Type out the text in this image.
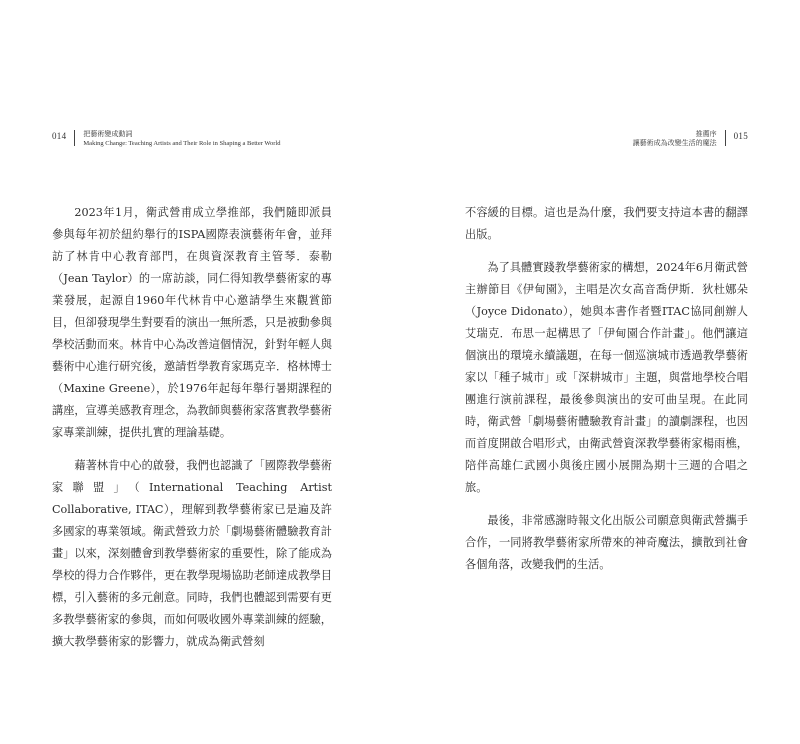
014 把藝術變成動詞
Making Change: Teaching Artists and Their Role in Shaping a Better World

2023年1月，衛武營甫成立學推部，我們隨即派員參與每年初於紐約舉行的ISPA國際表演藝術年會，並拜訪了林肯中心教育部門，在與資深教育主管琴．泰勒（Jean Taylor）的一席訪談，同仁得知教學藝術家的專業發展，起源自1960年代林肯中心邀請學生來觀賞節目，但卻發現學生對要看的演出一無所悉，只是被動參與學校活動而來。林肯中心為改善這個情況，針對年輕人與藝術中心進行研究後，邀請哲學教育家瑪克辛．格林博士（Maxine Greene），於1976年起每年舉行暑期課程的講座，宣導美感教育理念，為教師與藝術家落實教學藝術家專業訓練，提供扎實的理論基礎。

藉著林肯中心的啟發，我們也認識了「國際教學藝術家聯盟」（International Teaching Artist Collaborative, ITAC），理解到教學藝術家已是遍及許多國家的專業領域。衛武營致力於「劇場藝術體驗教育計畫」以來，深刻體會到教學藝術家的重要性，除了能成為學校的得力合作夥伴，更在教學現場協助老師達成教學目標，引入藝術的多元創意。同時，我們也體認到需要有更多教學藝術家的參與，而如何吸收國外專業訓練的經驗，擴大教學藝術家的影響力，就成為衛武營刻

推薦序
讓藝術成為改變生活的魔法
015

不容緩的目標。這也是為什麼，我們要支持這本書的翻譯出版。

為了具體實踐教學藝術家的構想，2024年6月衛武營主辦節目《伊甸園》，主唱是次女高音喬伊斯．狄杜娜朵（Joyce Didonato），她與本書作者暨ITAC協同創辦人艾瑞克．布思一起構思了「伊甸園合作計畫」。他們讓這個演出的環境永續議題，在每一個巡演城市透過教學藝術家以「種子城市」或「深耕城市」主題，與當地學校合唱團進行演前課程，最後參與演出的安可曲呈現。在此同時，衛武營「劇場藝術體驗教育計畫」的讀劇課程，也因而首度開啟合唱形式，由衛武營資深教學藝術家楊雨樵，陪伴高雄仁武國小與後庄國小展開為期十三週的合唱之旅。

最後，非常感謝時報文化出版公司願意與衛武營攜手合作，一同將教學藝術家所帶來的神奇魔法，擴散到社會各個角落，改變我們的生活。
